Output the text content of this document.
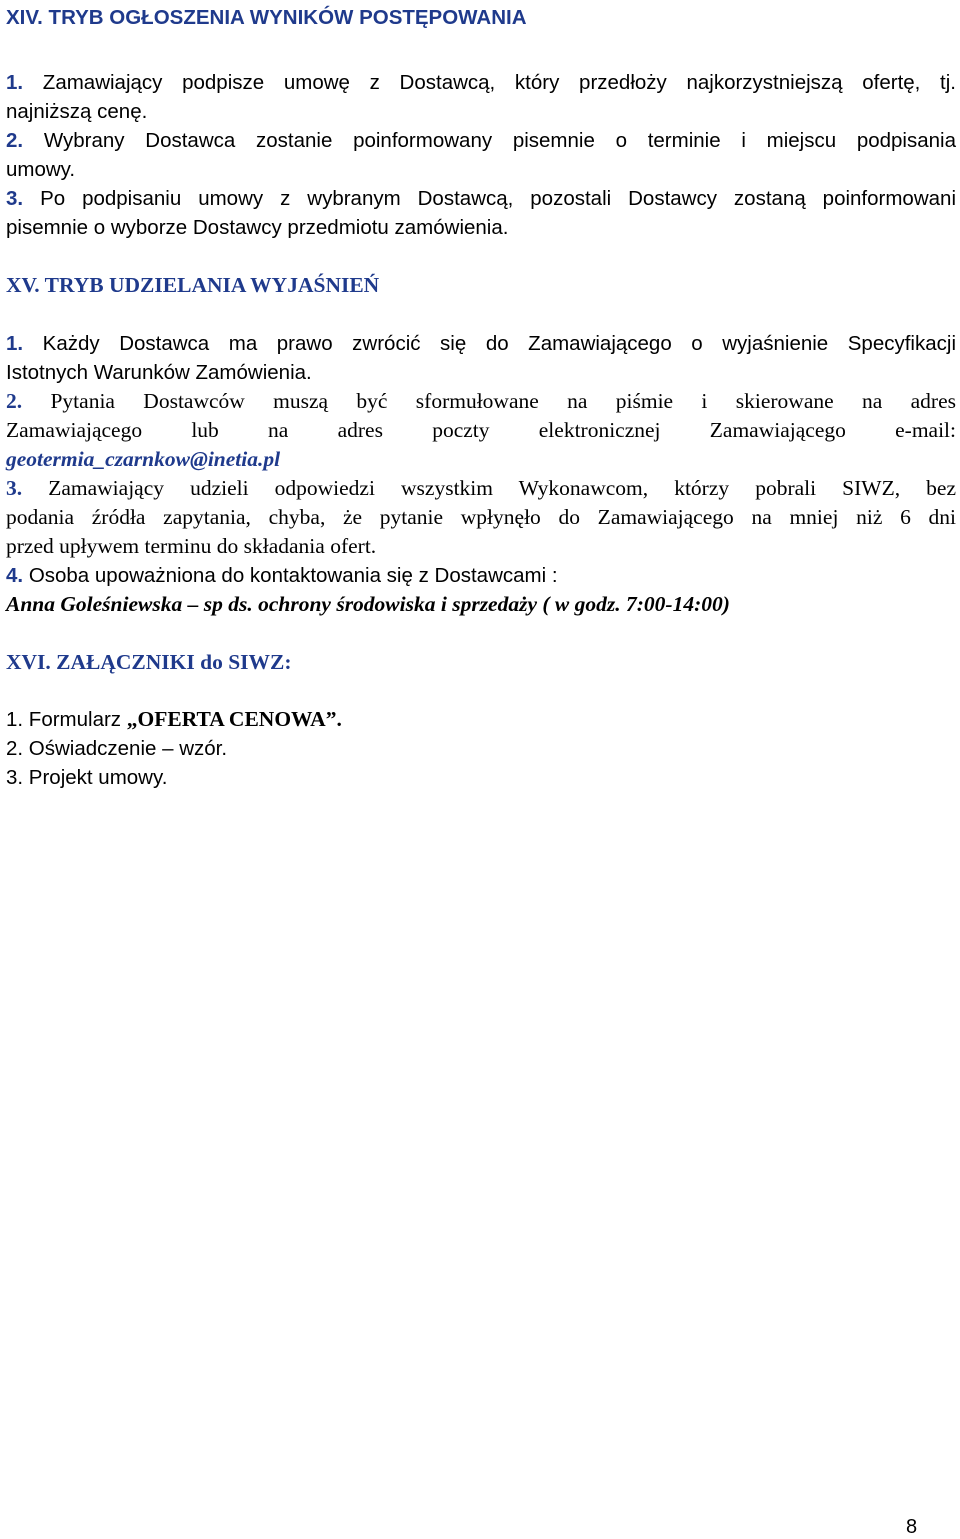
XIV. TRYB OGŁOSZENIA WYNIKÓW POSTĘPOWANIA
1. Zamawiający podpisze umowę z Dostawcą, który przedłoży najkorzystniejszą ofertę, tj.
najniższą cenę.
2. Wybrany Dostawca zostanie poinformowany pisemnie o terminie i miejscu podpisania
umowy.
3. Po podpisaniu umowy z wybranym Dostawcą, pozostali Dostawcy zostaną poinformowani
pisemnie o wyborze Dostawcy przedmiotu zamówienia.
XV. TRYB UDZIELANIA WYJAŚNIEŃ
1. Każdy Dostawca ma prawo zwrócić się do Zamawiającego o wyjaśnienie Specyfikacji
Istotnych Warunków Zamówienia.
2. Pytania Dostawców muszą być sformułowane na piśmie i skierowane na adres
Zamawiającego lub na adres poczty elektronicznej Zamawiającego e-mail:
geotermia_czarnkow@inetia.pl
3. Zamawiający udzieli odpowiedzi wszystkim Wykonawcom, którzy pobrali SIWZ, bez
podania źródła zapytania, chyba, że pytanie wpłynęło do Zamawiającego na mniej niż 6 dni
przed upływem terminu do składania ofert.
4. Osoba upoważniona do kontaktowania się z Dostawcami :
Anna Goleśniewska – sp ds. ochrony środowiska i sprzedaży ( w godz. 7:00-14:00)
XVI. ZAŁĄCZNIKI do SIWZ:
1. Formularz „OFERTA CENOWA”.
2. Oświadczenie – wzór.
3. Projekt umowy.
8
